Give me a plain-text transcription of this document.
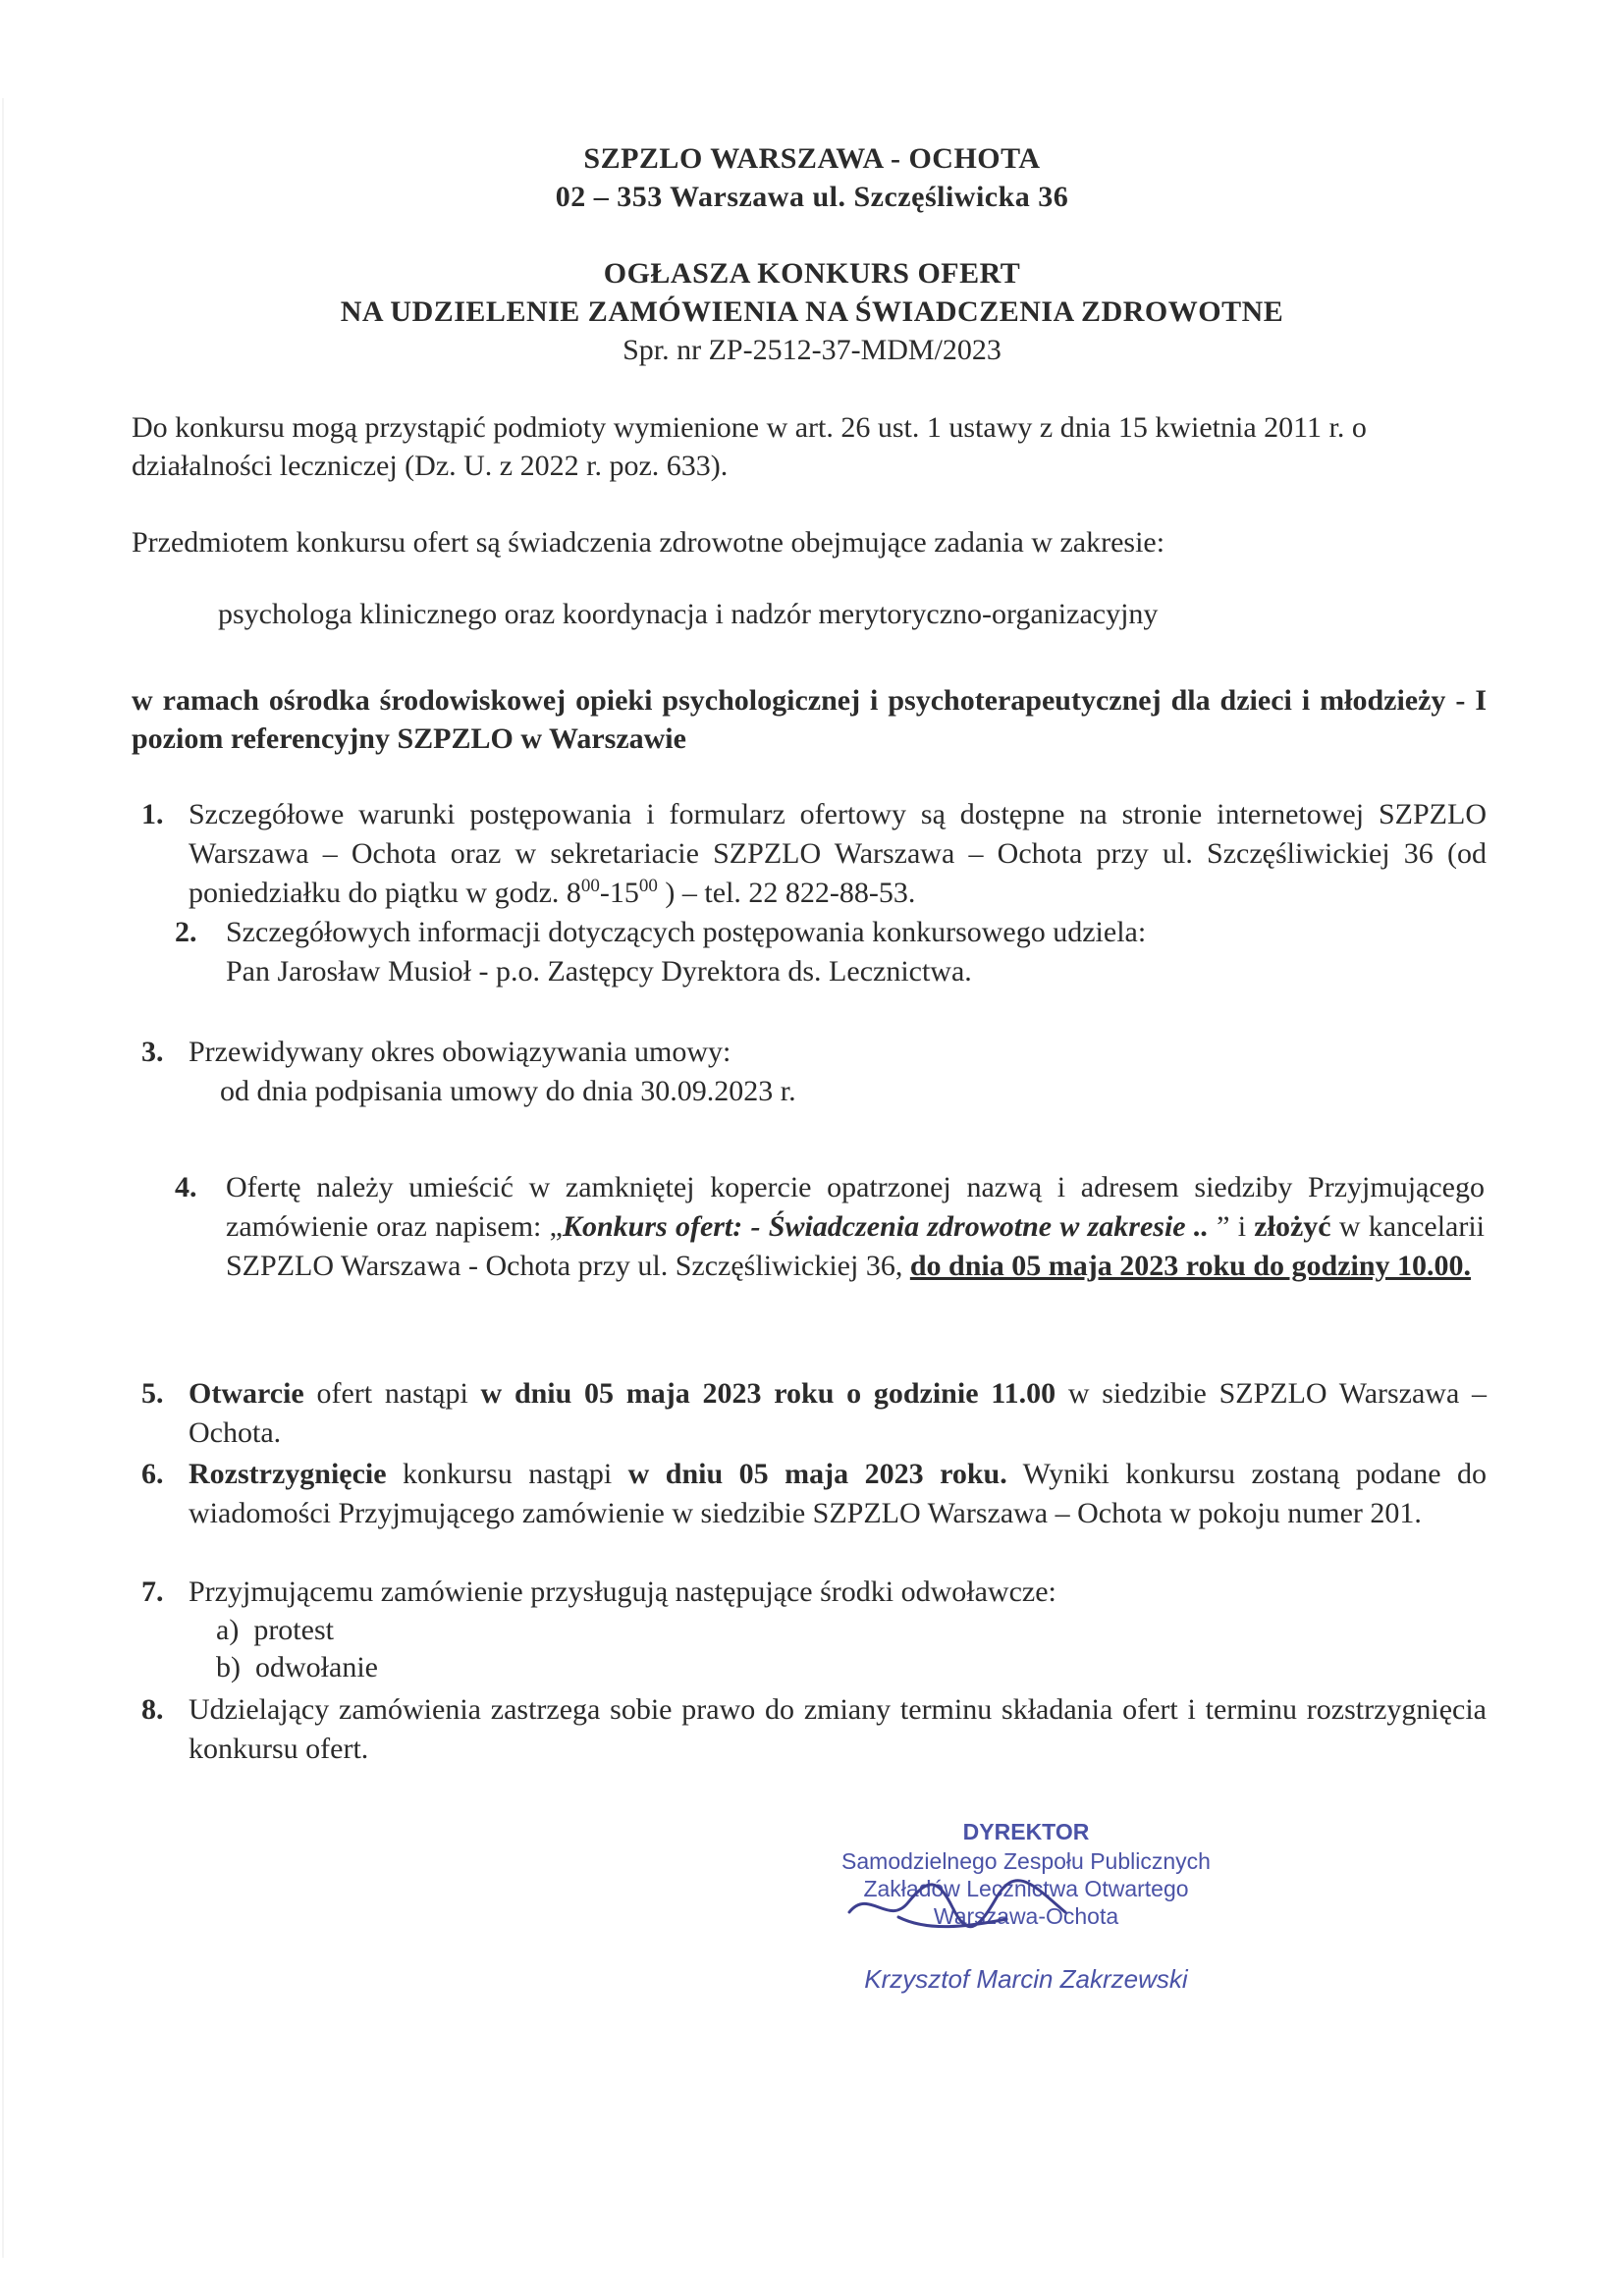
SZPZLO WARSZAWA - OCHOTA
02 – 353 Warszawa ul. Szczęśliwicka 36
OGŁASZA KONKURS OFERT
NA UDZIELENIE ZAMÓWIENIA NA ŚWIADCZENIA ZDROWOTNE
Spr. nr ZP-2512-37-MDM/2023
Do konkursu mogą przystąpić podmioty wymienione w art. 26 ust. 1 ustawy z dnia 15 kwietnia 2011 r. o działalności leczniczej (Dz. U. z 2022 r. poz. 633).
Przedmiotem konkursu ofert są świadczenia zdrowotne obejmujące zadania w zakresie:
psychologa klinicznego oraz koordynacja i nadzór merytoryczno-organizacyjny
w ramach ośrodka środowiskowej opieki psychologicznej i psychoterapeutycznej dla dzieci i młodzieży - I poziom referencyjny SZPZLO w Warszawie
1. Szczegółowe warunki postępowania i formularz ofertowy są dostępne na stronie internetowej SZPZLO Warszawa – Ochota oraz w sekretariacie SZPZLO Warszawa – Ochota przy ul. Szczęśliwickiej 36 (od poniedziałku do piątku w godz. $8^{00}-15^{00}$ ) – tel. 22 822-88-53.
2. Szczegółowych informacji dotyczących postępowania konkursowego udziela:
Pan Jarosław Musioł - p.o. Zastępcy Dyrektora ds. Lecznictwa.
3. Przewidywany okres obowiązywania umowy:
od dnia podpisania umowy do dnia 30.09.2023 r.
4. Ofertę należy umieścić w zamkniętej kopercie opatrzonej nazwą i adresem siedziby Przyjmującego zamówienie oraz napisem: „Konkurs ofert: - Świadczenia zdrowotne w zakresie .. ” i złożyć w kancelarii SZPZLO Warszawa - Ochota przy ul. Szczęśliwickiej 36, do dnia 05 maja 2023 roku do godziny 10.00.
5. Otwarcie ofert nastąpi w dniu 05 maja 2023 roku o godzinie 11.00 w siedzibie SZPZLO Warszawa – Ochota.
6. Rozstrzygnięcie konkursu nastąpi w dniu 05 maja 2023 roku. Wyniki konkursu zostaną podane do wiadomości Przyjmującego zamówienie w siedzibie SZPZLO Warszawa – Ochota w pokoju numer 201.
7. Przyjmującemu zamówienie przysługują następujące środki odwoławcze:
a) protest
b) odwołanie
8. Udzielający zamówienia zastrzega sobie prawo do zmiany terminu składania ofert i terminu rozstrzygnięcia konkursu ofert.
DYREKTOR
Samodzielnego Zespołu Publicznych
Zakładów Lecznictwa Otwartego
Warszawa-Ochota
Krzysztof Marcin Zakrzewski
